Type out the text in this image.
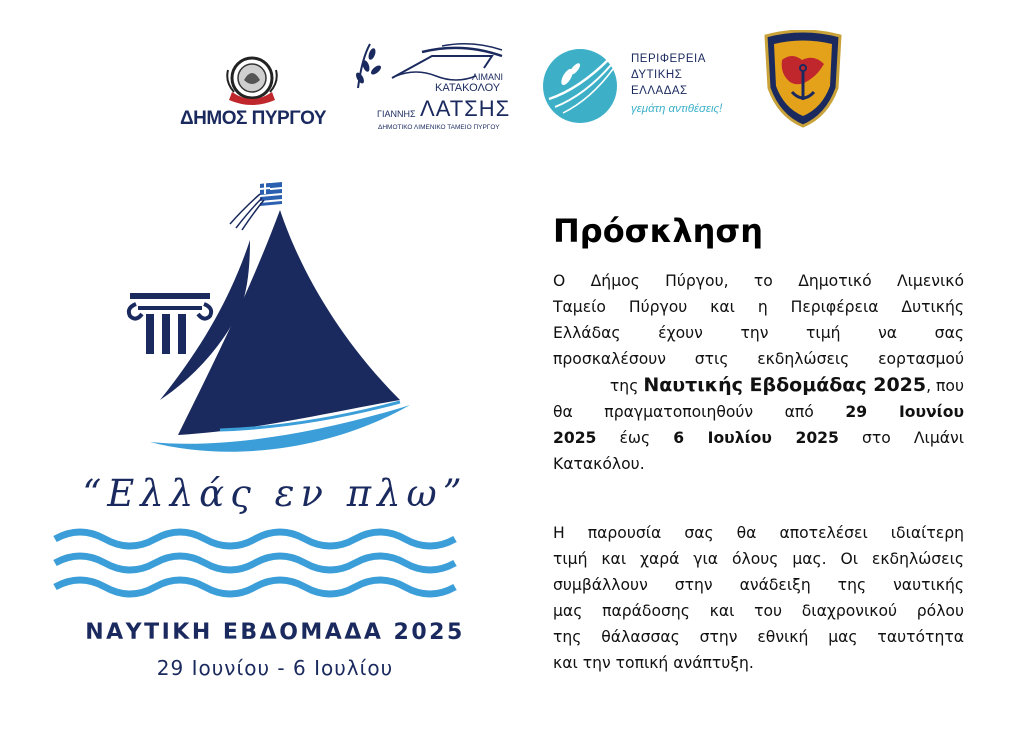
ΔΗΜΟΣ ΠΥΡΓΟΥ
ΛΙΜΑΝΙ
ΚΑΤΑΚΟΛΟΥ
ΓΙΑΝΝΗΣ ΛΑΤΣΗΣ
ΔΗΜΟΤΙΚΟ ΛΙΜΕΝΙΚΟ ΤΑΜΕΙΟ ΠΥΡΓΟΥ
ΠΕΡΙΦΕΡΕΙΑ
ΔΥΤΙΚΗΣ
ΕΛΛΑΔΑΣ
γεμάτη αντιθέσεις!
“Ελλάς εν πλω”
ΝΑΥΤΙΚΗ ΕΒΔΟΜΑΔΑ 2025
29 Ιουνίου - 6 Ιουλίου
Πρόσκληση
Ο Δήμος Πύργου, το Δημοτικό Λιμενικό
Ταμείο Πύργου και η Περιφέρεια Δυτικής
Ελλάδας έχουν την τιμή να σας
προσκαλέσουν στις εκδηλώσεις εορτασμού
της Ναυτικής Εβδομάδας 2025, που
θα πραγματοποιηθούν από 29 Ιουνίου
2025 έως 6 Ιουλίου 2025 στο Λιμάνι
Κατακόλου.
Η παρουσία σας θα αποτελέσει ιδιαίτερη
τιμή και χαρά για όλους μας. Οι εκδηλώσεις
συμβάλλουν στην ανάδειξη της ναυτικής
μας παράδοσης και του διαχρονικού ρόλου
της θάλασσας στην εθνική μας ταυτότητα
και την τοπική ανάπτυξη.
